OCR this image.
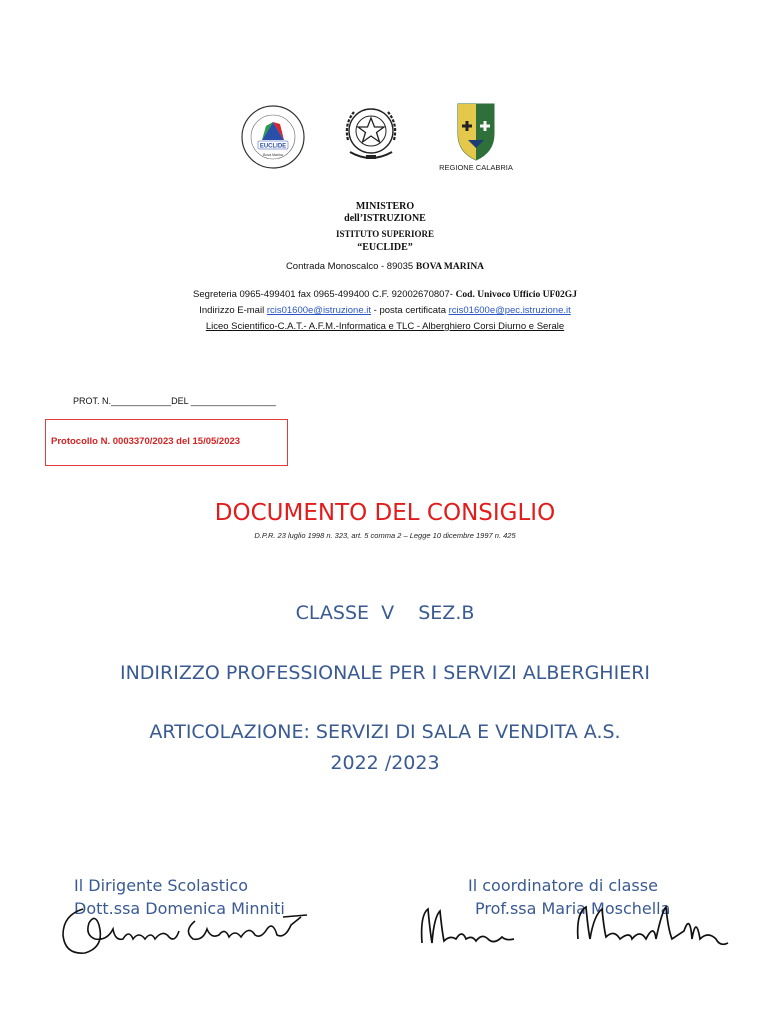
EUCLIDE
Bova Marina
REGIONE CALABRIA
MINISTERO
dell’ISTRUZIONE
ISTITUTO SUPERIORE
“EUCLIDE”
Contrada Monoscalco - 89035 BOVA MARINA
Segreteria 0965-499401 fax 0965-499400 C.F. 92002670807- Cod. Univoco Ufficio UF02GJ
Indirizzo E-mail rcis01600e@istruzione.it - posta certificata rcis01600e@pec.istruzione.it
Liceo Scientifico-C.A.T.- A.F.M.-Informatica e TLC - Alberghiero Corsi Diurno e Serale
PROT. N.____________DEL _________________
Protocollo N. 0003370/2023 del 15/05/2023
DOCUMENTO DEL CONSIGLIO
D.P.R. 23 luglio 1998 n. 323, art. 5 comma 2 – Legge 10 dicembre 1997 n. 425
CLASSE  V    SEZ.B
INDIRIZZO PROFESSIONALE PER I SERVIZI ALBERGHIERI
ARTICOLAZIONE: SERVIZI DI SALA E VENDITA A.S.
2022 /2023
Il Dirigente Scolastico
Dott.ssa Domenica Minniti
Il coordinatore di classe
Prof.ssa Maria Moschella
